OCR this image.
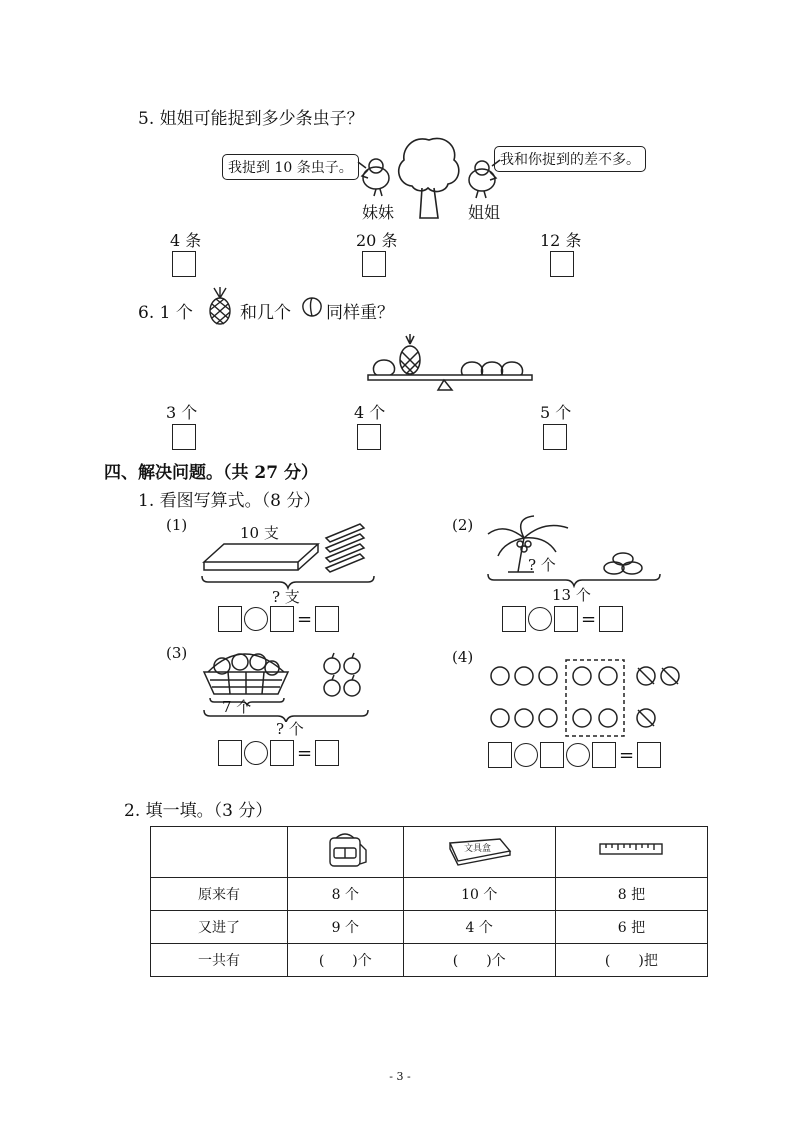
5. 姐姐可能捉到多少条虫子？
我捉到 10 条虫子。	我和你捉到的差不多。
妹妹	姐姐
4 条	20 条	12 条
6. 1 个	和几个 同样重？
3 个	4 个	5 个
四、解决问题。（共 27 分）
1. 看图写算式。（8 分）
(1)	10 支
? 支
=
(2)
? 个
13 个
=
(3)
7 个
? 个
=
(4)
=
2. 填一填。（3 分）

文具盒

原来有	8 个	10 个	8 把
又进了	9 个	4 个	6 把
一共有	(　　)个	(　　)个	(　　)把
- 3 -
